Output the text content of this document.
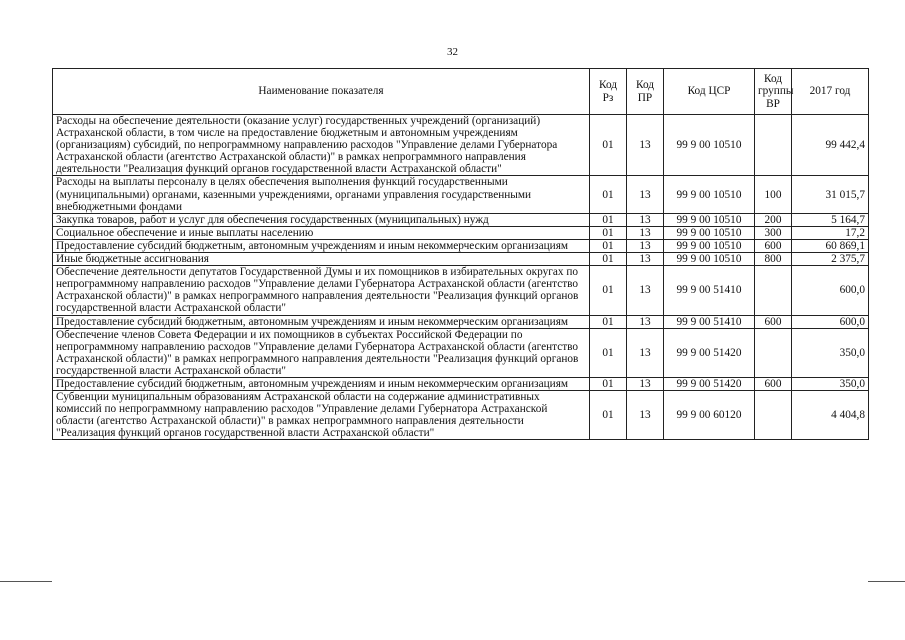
32
Наименование показателя	Код Рз	Код ПР	Код ЦСР	Код группы ВР	2017 год
Расходы на обеспечение деятельности (оказание услуг) государственных учреждений (организаций) Астраханской области, в том числе на предоставление бюджетным и автономным учреждениям (организациям) субсидий, по непрограммному направлению расходов "Управление делами Губернатора Астраханской области (агентство Астраханской области)" в рамках непрограммного направления деятельности "Реализация функций органов государственной власти Астраханской области"	01	13	99 9 00 10510		99 442,4
Расходы на выплаты персоналу в целях обеспечения выполнения функций государственными (муниципальными) органами, казенными учреждениями, органами управления государственными внебюджетными фондами	01	13	99 9 00 10510	100	31 015,7
Закупка товаров, работ и услуг для обеспечения государственных (муниципальных) нужд	01	13	99 9 00 10510	200	5 164,7
Социальное обеспечение и иные выплаты населению	01	13	99 9 00 10510	300	17,2
Предоставление субсидий бюджетным, автономным учреждениям и иным некоммерческим организациям	01	13	99 9 00 10510	600	60 869,1
Иные бюджетные ассигнования	01	13	99 9 00 10510	800	2 375,7
Обеспечение деятельности депутатов Государственной Думы и их помощников в избирательных округах по непрограммному направлению расходов "Управление делами Губернатора Астраханской области (агентство Астраханской области)" в рамках непрограммного направления деятельности "Реализация функций органов государственной власти Астраханской области"	01	13	99 9 00 51410		600,0
Предоставление субсидий бюджетным, автономным учреждениям и иным некоммерческим организациям	01	13	99 9 00 51410	600	600,0
Обеспечение членов Совета Федерации и их помощников в субъектах Российской Федерации по непрограммному направлению расходов "Управление делами Губернатора Астраханской области (агентство Астраханской области)" в рамках непрограммного направления деятельности "Реализация функций органов государственной власти Астраханской области"	01	13	99 9 00 51420		350,0
Предоставление субсидий бюджетным, автономным учреждениям и иным некоммерческим организациям	01	13	99 9 00 51420	600	350,0
Субвенции муниципальным образованиям Астраханской области на содержание административных комиссий по непрограммному направлению расходов "Управление делами Губернатора Астраханской области (агентство Астраханской области)" в рамках непрограммного направления деятельности "Реализация функций органов государственной власти Астраханской области"	01	13	99 9 00 60120		4 404,8
